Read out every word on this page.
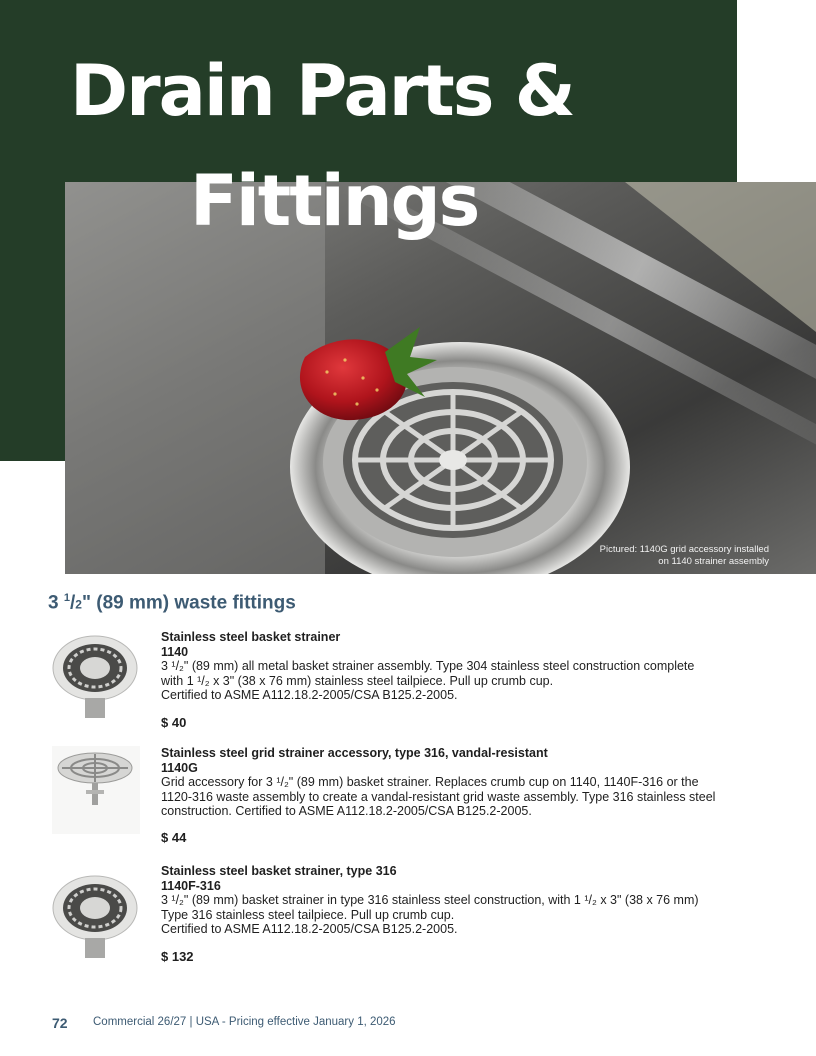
Drain Parts &
Fittings
Pictured: 1140G grid accessory installed
on 1140 strainer assembly
3 $^1$/2" (89 mm) waste fittings

Stainless steel basket strainer

1140

3 ¹/₂" (89 mm) all metal basket strainer assembly. Type 304 stainless steel construction complete

with 1 ¹/₂ x 3" (38 x 76 mm) stainless steel tailpiece. Pull up crumb cup.

Certified to ASME A112.18.2-2005/CSA B125.2-2005.

$ 40

Stainless steel grid strainer accessory, type 316, vandal-resistant

1140G

Grid accessory for 3 ¹/₂" (89 mm) basket strainer. Replaces crumb cup on 1140, 1140F-316 or the

1120-316 waste assembly to create a vandal-resistant grid waste assembly. Type 316 stainless steel

construction. Certified to ASME A112.18.2-2005/CSA B125.2-2005.

$ 44

Stainless steel basket strainer, type 316

1140F-316

3 ¹/₂" (89 mm) basket strainer in type 316 stainless steel construction, with 1 ¹/₂ x 3" (38 x 76 mm)

Type 316 stainless steel tailpiece. Pull up crumb cup.

Certified to ASME A112.18.2-2005/CSA B125.2-2005.

$ 132
72 Commercial 26/27 | USA - Pricing effective January 1, 2026
